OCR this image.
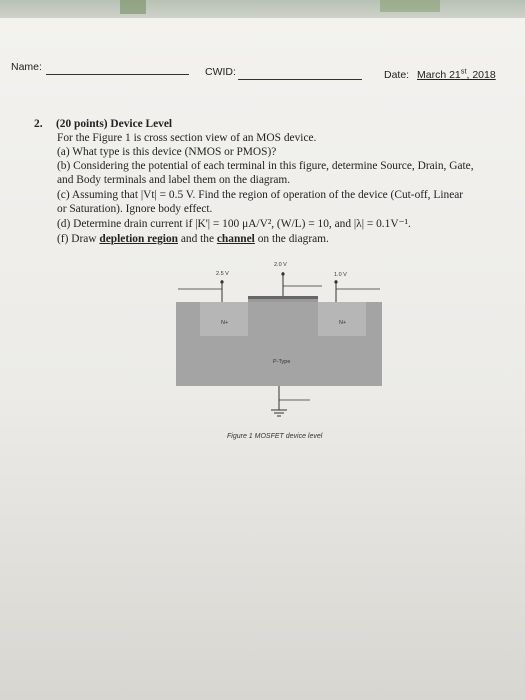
Name:	CWID:	Date: March 21st, 2018
2. (20 points) Device Level
For the Figure 1 is cross section view of an MOS device.
(a) What type is this device (NMOS or PMOS)?
(b) Considering the potential of each terminal in this figure, determine Source, Drain, Gate,
and Body terminals and label them on the diagram.
(c) Assuming that |Vt| = 0.5 V. Find the region of operation of the device (Cut-off, Linear
or Saturation). Ignore body effect.
(d) Determine drain current if |K'| = 100 μA/V², (W/L) = 10, and |λ| = 0.1V⁻¹.
(f) Draw depletion region and the channel on the diagram.
2.0 V
2.5 V	1.0 V
N+	N+
P-Type
Figure 1 MOSFET device level
